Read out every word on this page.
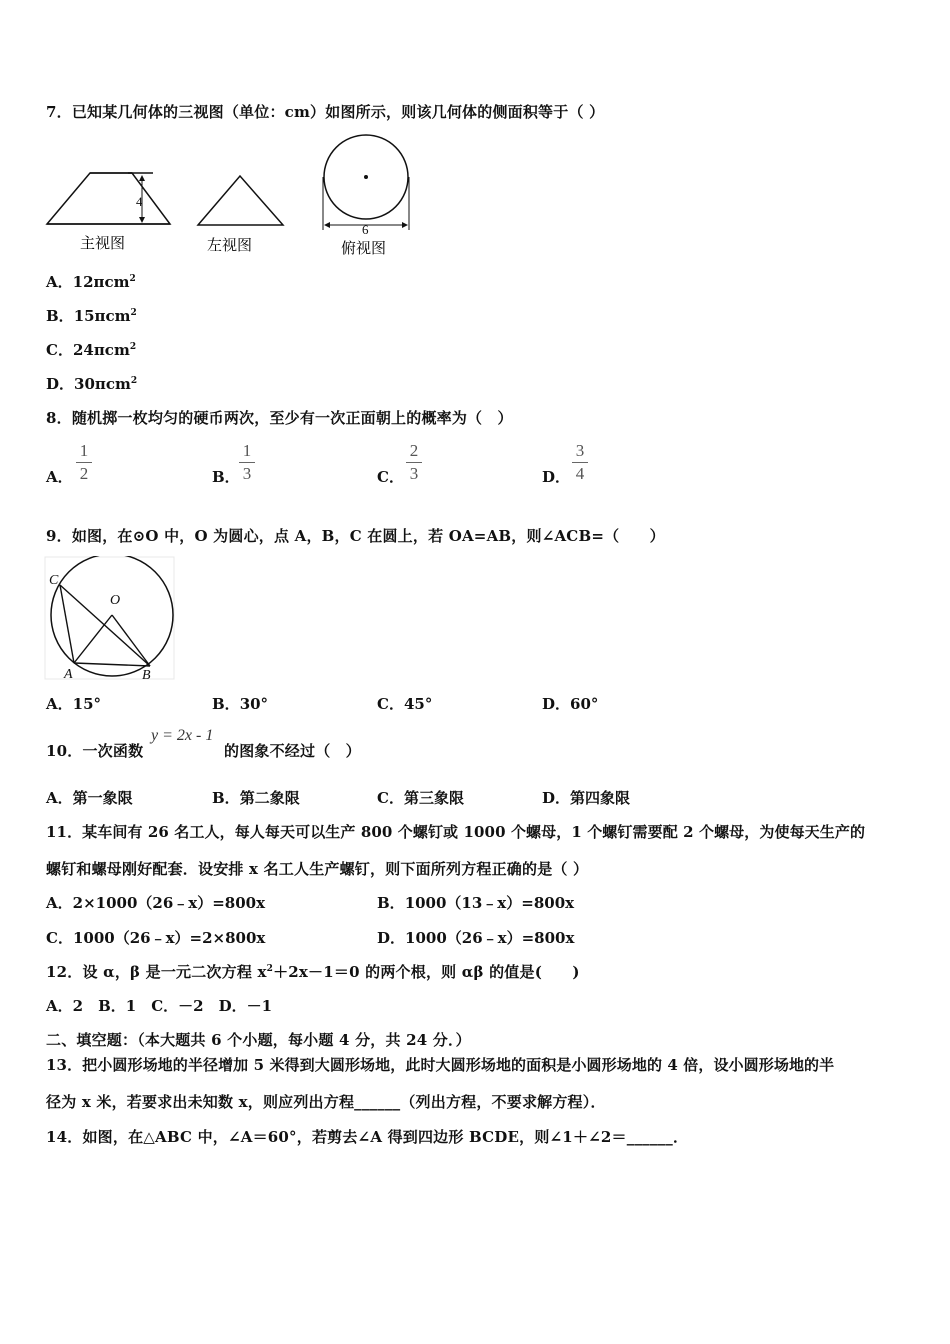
7．已知某几何体的三视图（单位：cm）如图所示，则该几何体的侧面积等于（ ）
4
主视图	左视图
6
俯视图
A．12πcm$^2$
B．15πcm$^2$
C．24πcm$^2$
D．30πcm$^2$
8．随机掷一枚均匀的硬币两次，至少有一次正面朝上的概率为（　）
A．
1
2	B．
1
3	C．
2
3	D．
3
4
9．如图，在⊙O 中，O 为圆心，点 A，B，C 在圆上，若 OA=AB，则∠ACB=（　　）
C
O
A	B
A．15°	B．30°	C．45°	D．60°
10．一次函数
y = 2x - 1
的图象不经过（　）
A．第一象限	B．第二象限	C．第三象限	D．第四象限
11．某车间有 26 名工人，每人每天可以生产 800 个螺钉或 1000 个螺母，1 个螺钉需要配 2 个螺母，为使每天生产的
螺钉和螺母刚好配套．设安排 x 名工人生产螺钉，则下面所列方程正确的是（ ）
A．2×1000（26﹣x）=800x	B．1000（13﹣x）=800x
C．1000（26﹣x）=2×800x	D．1000（26﹣x）=800x
12．设 α，β 是一元二次方程 $x^2+2x-1=0$ 的两个根，则 αβ 的值是(　　)
A．2　B．1　C．－2　D．－1
二、填空题：（本大题共 6 个小题，每小题 4 分，共 24 分．）
13．把小圆形场地的半径增加 5 米得到大圆形场地，此时大圆形场地的面积是小圆形场地的 4 倍，设小圆形场地的半
径为 x 米，若要求出未知数 x，则应列出方程______（列出方程，不要求解方程）．
14．如图，在△ABC 中，∠A＝60°，若剪去∠A 得到四边形 BCDE，则∠1＋∠2＝______．
